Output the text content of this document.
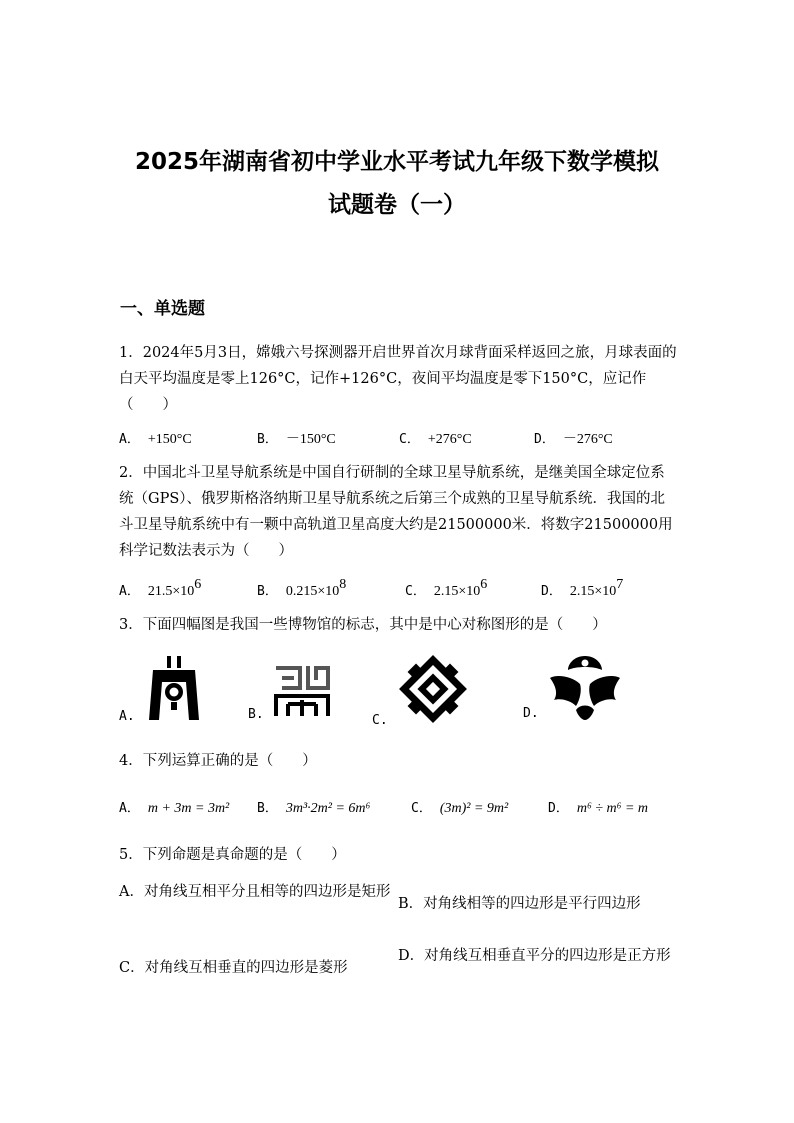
2025年湖南省初中学业水平考试九年级下数学模拟
试题卷（一）
一、单选题
1．2024年5月3日，嫦娥六号探测器开启世界首次月球背面采样返回之旅，月球表面的白天平均温度是零上126°C，记作+126°C，夜间平均温度是零下150°C，应记作（　　）
A． +150°C	B． －150°C	C． +276°C	D． －276°C
2．中国北斗卫星导航系统是中国自行研制的全球卫星导航系统，是继美国全球定位系统（GPS）、俄罗斯格洛纳斯卫星导航系统之后第三个成熟的卫星导航系统．我国的北斗卫星导航系统中有一颗中高轨道卫星高度大约是21500000米．将数字21500000用科学记数法表示为（　　）
A． 21.5×106	B． 0.215×108	C． 2.15×106	D． 2.15×107
3．下面四幅图是我国一些博物馆的标志，其中是中心对称图形的是（　　）
A.	B.	C.	D.
4．下列运算正确的是（　　）
A． m + 3m = 3m² B． 3m³·2m² = 6m⁶	C． (3m)² = 9m²	D． m⁶ ÷ m⁶ = m
5．下列命题是真命题的是（　　）
A．对角线互相平分且相等的四边形是矩形
B．对角线相等的四边形是平行四边形
C．对角线互相垂直的四边形是菱形
D．对角线互相垂直平分的四边形是正方形
